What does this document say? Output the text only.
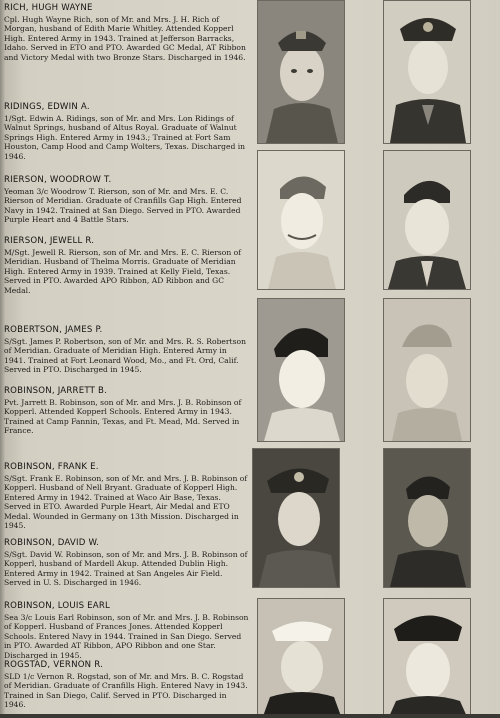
RICH, HUGH WAYNE
Cpl. Hugh Wayne Rich, son of Mr. and Mrs. J. H. Rich of Morgan, husband of Edith Marie Whitley. Attended Kopperl High. Entered Army in 1943. Trained at Jefferson Barracks, Idaho. Served in ETO and PTO. Awarded GC Medal, AT Ribbon and Victory Medal with two Bronze Stars. Discharged in 1946.
RIDINGS, EDWIN A.
1/Sgt. Edwin A. Ridings, son of Mr. and Mrs. Lon Ridings of Walnut Springs, husband of Altus Royal. Graduate of Walnut Springs High. Entered Army in 1943.; Trained at Fort Sam Houston, Camp Hood and Camp Wolters, Texas. Discharged in 1946.
RIERSON, WOODROW T.
Yeoman 3/c Woodrow T. Rierson, son of Mr. and Mrs. E. C. Rierson of Meridian. Graduate of Cranfills Gap High. Entered Navy in 1942. Trained at San Diego. Served in PTO. Awarded Purple Heart and 4 Battle Stars.
RIERSON, JEWELL R.
M/Sgt. Jewell R. Rierson, son of Mr. and Mrs. E. C. Rierson of Meridian. Husband of Thelma Morris. Graduate of Meridian High. Entered Army in 1939. Trained at Kelly Field, Texas. Served in PTO. Awarded APO Ribbon, AD Ribbon and GC Medal.
ROBERTSON, JAMES P.
S/Sgt. James P. Robertson, son of Mr. and Mrs. R. S. Robertson of Meridian. Graduate of Meridian High. Entered Army in 1941. Trained at Fort Leonard Wood, Mo., and Ft. Ord, Calif. Served in PTO. Discharged in 1945.
ROBINSON, JARRETT B.
Pvt. Jarrett B. Robinson, son of Mr. and Mrs. J. B. Robinson of Kopperl. Attended Kopperl Schools. Entered Army in 1943. Trained at Camp Fannin, Texas, and Ft. Mead, Md. Served in France.
ROBINSON, FRANK E.
S/Sgt. Frank E. Robinson, son of Mr. and Mrs. J. B. Robinson of Kopperl. Husband of Nell Bryant. Graduate of Kopperl High. Entered Army in 1942. Trained at Waco Air Base, Texas. Served in ETO. Awarded Purple Heart, Air Medal and ETO Medal. Wounded in Germany on 13th Mission. Discharged in 1945.
ROBINSON, DAVID W.
S/Sgt. David W. Robinson, son of Mr. and Mrs. J. B. Robinson of Kopperl, husband of Mardell Akup. Attended Dublin High. Entered Army in 1942. Trained at San Angeles Air Field. Served in U. S. Discharged in 1946.
ROBINSON, LOUIS EARL
Sea 3/c Louis Earl Robinson, son of Mr. and Mrs. J. B. Robinson of Kopperl. Husband of Frances Jones. Attended Kopperl Schools. Entered Navy in 1944. Trained in San Diego. Served in PTO. Awarded AT Ribbon, APO Ribbon and one Star. Discharged in 1945.
ROGSTAD, VERNON R.
SLD 1/c Vernon R. Rogstad, son of Mr. and Mrs. B. C. Rogstad of Meridian. Graduate of Cranfills High. Entered Navy in 1943. Trained in San Diego, Calif. Served in PTO. Discharged in 1946.
